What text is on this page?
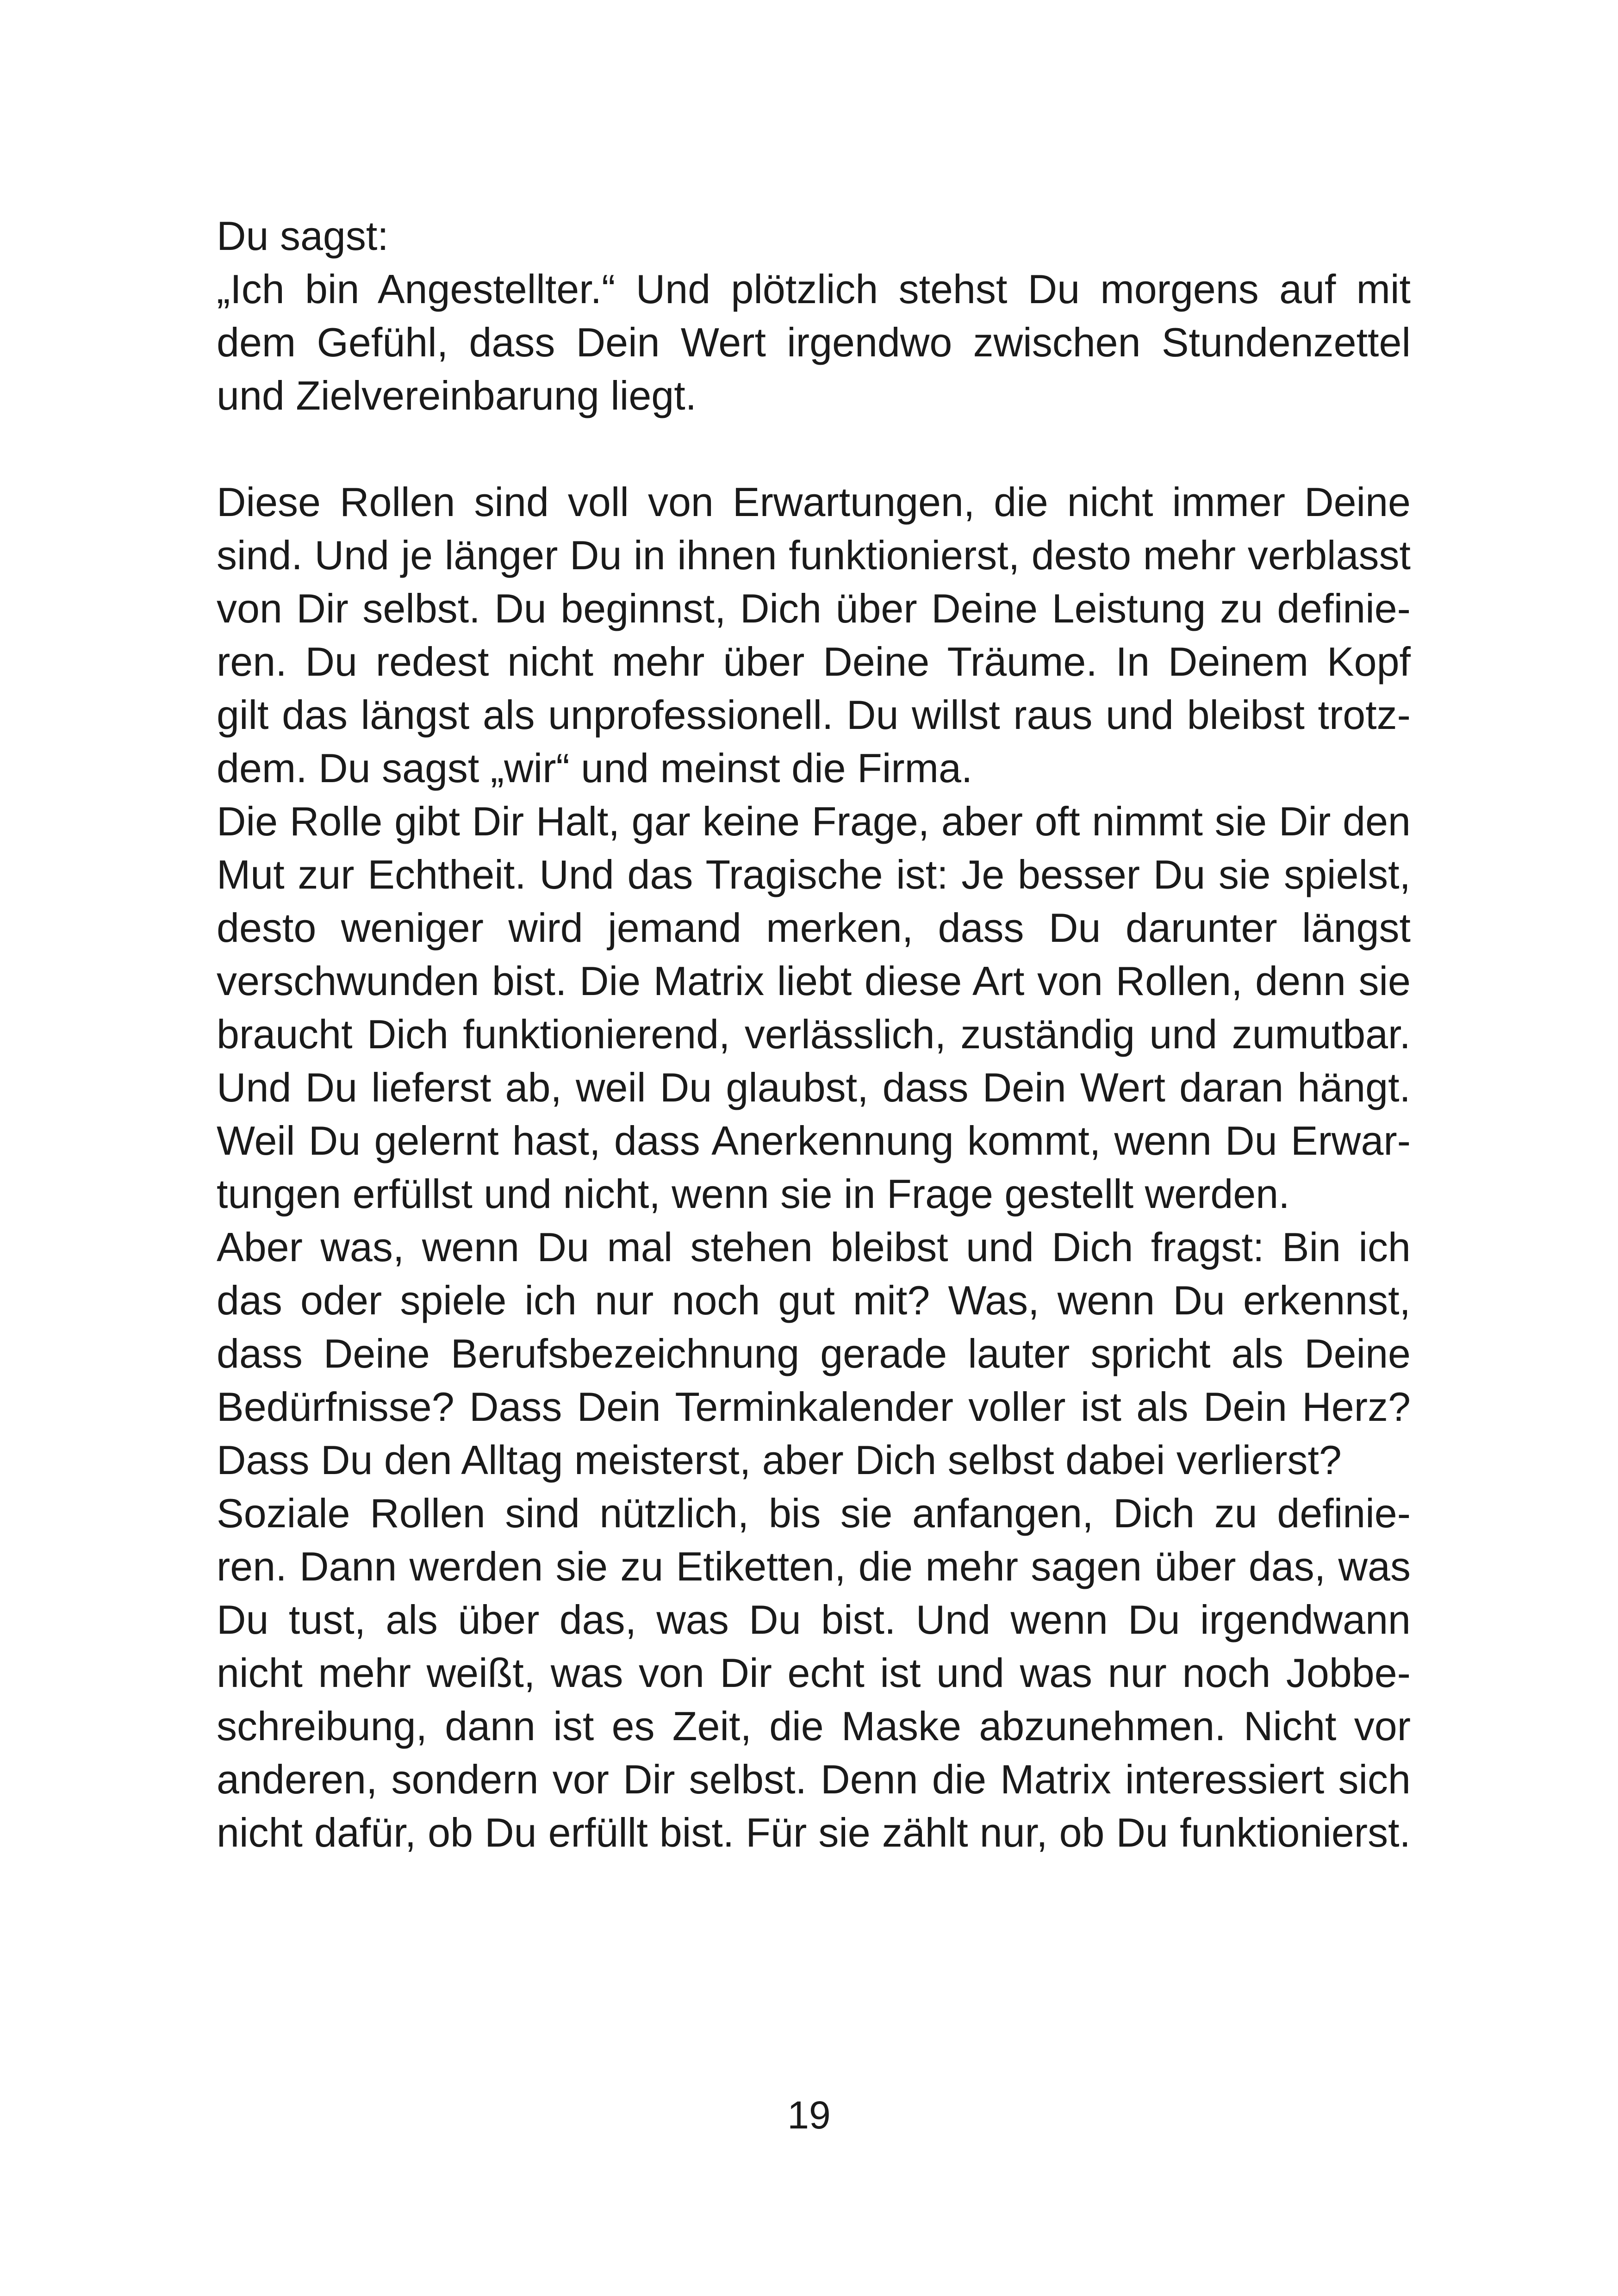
Du sagst:
„Ich bin Angestellter.“ Und plötzlich stehst Du morgens auf mit
dem Gefühl, dass Dein Wert irgendwo zwischen Stundenzettel
und Zielvereinbarung liegt.
Diese Rollen sind voll von Erwartungen, die nicht immer Deine
sind. Und je länger Du in ihnen funktionierst, desto mehr verblasst
von Dir selbst. Du beginnst, Dich über Deine Leistung zu definie-
ren. Du redest nicht mehr über Deine Träume. In Deinem Kopf
gilt das längst als unprofessionell. Du willst raus und bleibst trotz-
dem. Du sagst „wir“ und meinst die Firma.
Die Rolle gibt Dir Halt, gar keine Frage, aber oft nimmt sie Dir den
Mut zur Echtheit. Und das Tragische ist: Je besser Du sie spielst,
desto weniger wird jemand merken, dass Du darunter längst
verschwunden bist. Die Matrix liebt diese Art von Rollen, denn sie
braucht Dich funktionierend, verlässlich, zuständig und zumutbar.
Und Du lieferst ab, weil Du glaubst, dass Dein Wert daran hängt.
Weil Du gelernt hast, dass Anerkennung kommt, wenn Du Erwar-
tungen erfüllst und nicht, wenn sie in Frage gestellt werden.
Aber was, wenn Du mal stehen bleibst und Dich fragst: Bin ich
das oder spiele ich nur noch gut mit? Was, wenn Du erkennst,
dass Deine Berufsbezeichnung gerade lauter spricht als Deine
Bedürfnisse? Dass Dein Terminkalender voller ist als Dein Herz?
Dass Du den Alltag meisterst, aber Dich selbst dabei verlierst?
Soziale Rollen sind nützlich, bis sie anfangen, Dich zu definie-
ren. Dann werden sie zu Etiketten, die mehr sagen über das, was
Du tust, als über das, was Du bist. Und wenn Du irgendwann
nicht mehr weißt, was von Dir echt ist und was nur noch Jobbe-
schreibung, dann ist es Zeit, die Maske abzunehmen. Nicht vor
anderen, sondern vor Dir selbst. Denn die Matrix interessiert sich
nicht dafür, ob Du erfüllt bist. Für sie zählt nur, ob Du funktionierst.
19
